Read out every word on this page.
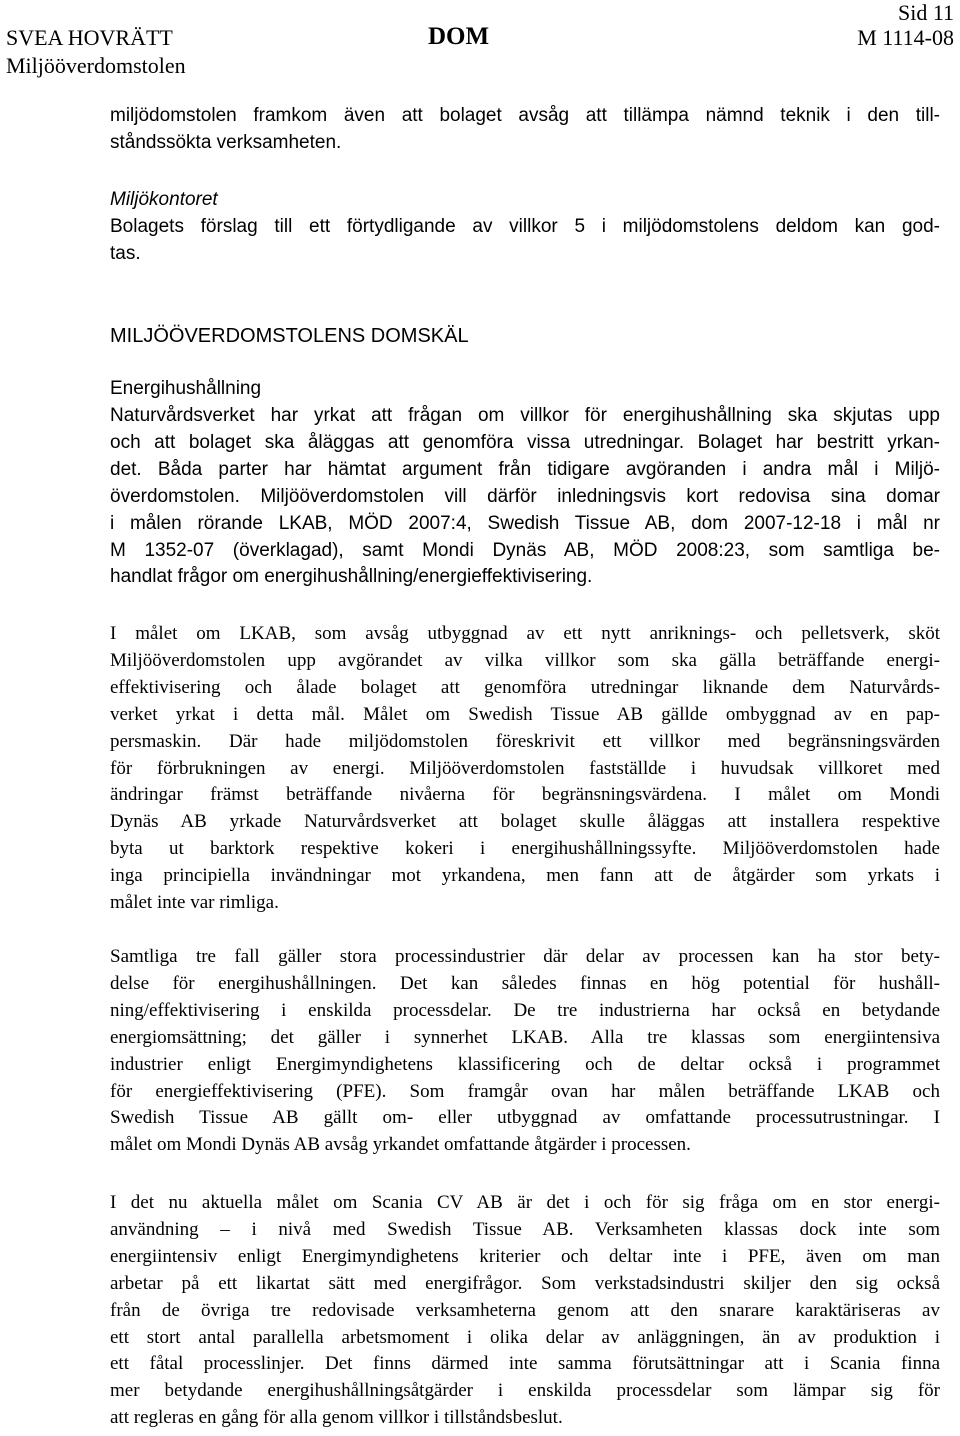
SVEA HOVRÄTT
Miljööverdomstolen
DOM
Sid 11
M 1114-08
miljödomstolen framkom även att bolaget avsåg att tillämpa nämnd teknik i den till-
ståndssökta verksamheten.
Miljökontoret
Bolagets förslag till ett förtydligande av villkor 5 i miljödomstolens deldom kan god-
tas.
MILJÖÖVERDOMSTOLENS DOMSKÄL
Energihushållning
Naturvårdsverket har yrkat att frågan om villkor för energihushållning ska skjutas upp
och att bolaget ska åläggas att genomföra vissa utredningar. Bolaget har bestritt yrkan-
det. Båda parter har hämtat argument från tidigare avgöranden i andra mål i Miljö-
överdomstolen. Miljööverdomstolen vill därför inledningsvis kort redovisa sina domar
i målen rörande LKAB, MÖD 2007:4, Swedish Tissue AB, dom 2007-12-18 i mål nr
M 1352-07 (överklagad), samt Mondi Dynäs AB, MÖD 2008:23, som samtliga be-
handlat frågor om energihushållning/energieffektivisering.
I målet om LKAB, som avsåg utbyggnad av ett nytt anriknings- och pelletsverk, sköt
Miljööverdomstolen upp avgörandet av vilka villkor som ska gälla beträffande energi-
effektivisering och ålade bolaget att genomföra utredningar liknande dem Naturvårds-
verket yrkat i detta mål. Målet om Swedish Tissue AB gällde ombyggnad av en pap-
persmaskin. Där hade miljödomstolen föreskrivit ett villkor med begränsningsvärden
för förbrukningen av energi. Miljööverdomstolen fastställde i huvudsak villkoret med
ändringar främst beträffande nivåerna för begränsningsvärdena. I målet om Mondi
Dynäs AB yrkade Naturvårdsverket att bolaget skulle åläggas att installera respektive
byta ut barktork respektive kokeri i energihushållningssyfte. Miljööverdomstolen hade
inga principiella invändningar mot yrkandena, men fann att de åtgärder som yrkats i
målet inte var rimliga.
Samtliga tre fall gäller stora processindustrier där delar av processen kan ha stor bety-
delse för energihushållningen. Det kan således finnas en hög potential för hushåll-
ning/effektivisering i enskilda processdelar. De tre industrierna har också en betydande
energiomsättning; det gäller i synnerhet LKAB. Alla tre klassas som energiintensiva
industrier enligt Energimyndighetens klassificering och de deltar också i programmet
för energieffektivisering (PFE). Som framgår ovan har målen beträffande LKAB och
Swedish Tissue AB gällt om- eller utbyggnad av omfattande processutrustningar. I
målet om Mondi Dynäs AB avsåg yrkandet omfattande åtgärder i processen.
I det nu aktuella målet om Scania CV AB är det i och för sig fråga om en stor energi-
användning – i nivå med Swedish Tissue AB. Verksamheten klassas dock inte som
energiintensiv enligt Energimyndighetens kriterier och deltar inte i PFE, även om man
arbetar på ett likartat sätt med energifrågor. Som verkstadsindustri skiljer den sig också
från de övriga tre redovisade verksamheterna genom att den snarare karaktäriseras av
ett stort antal parallella arbetsmoment i olika delar av anläggningen, än av produktion i
ett fåtal processlinjer. Det finns därmed inte samma förutsättningar att i Scania finna
mer betydande energihushållningsåtgärder i enskilda processdelar som lämpar sig för
att regleras en gång för alla genom villkor i tillståndsbeslut.
